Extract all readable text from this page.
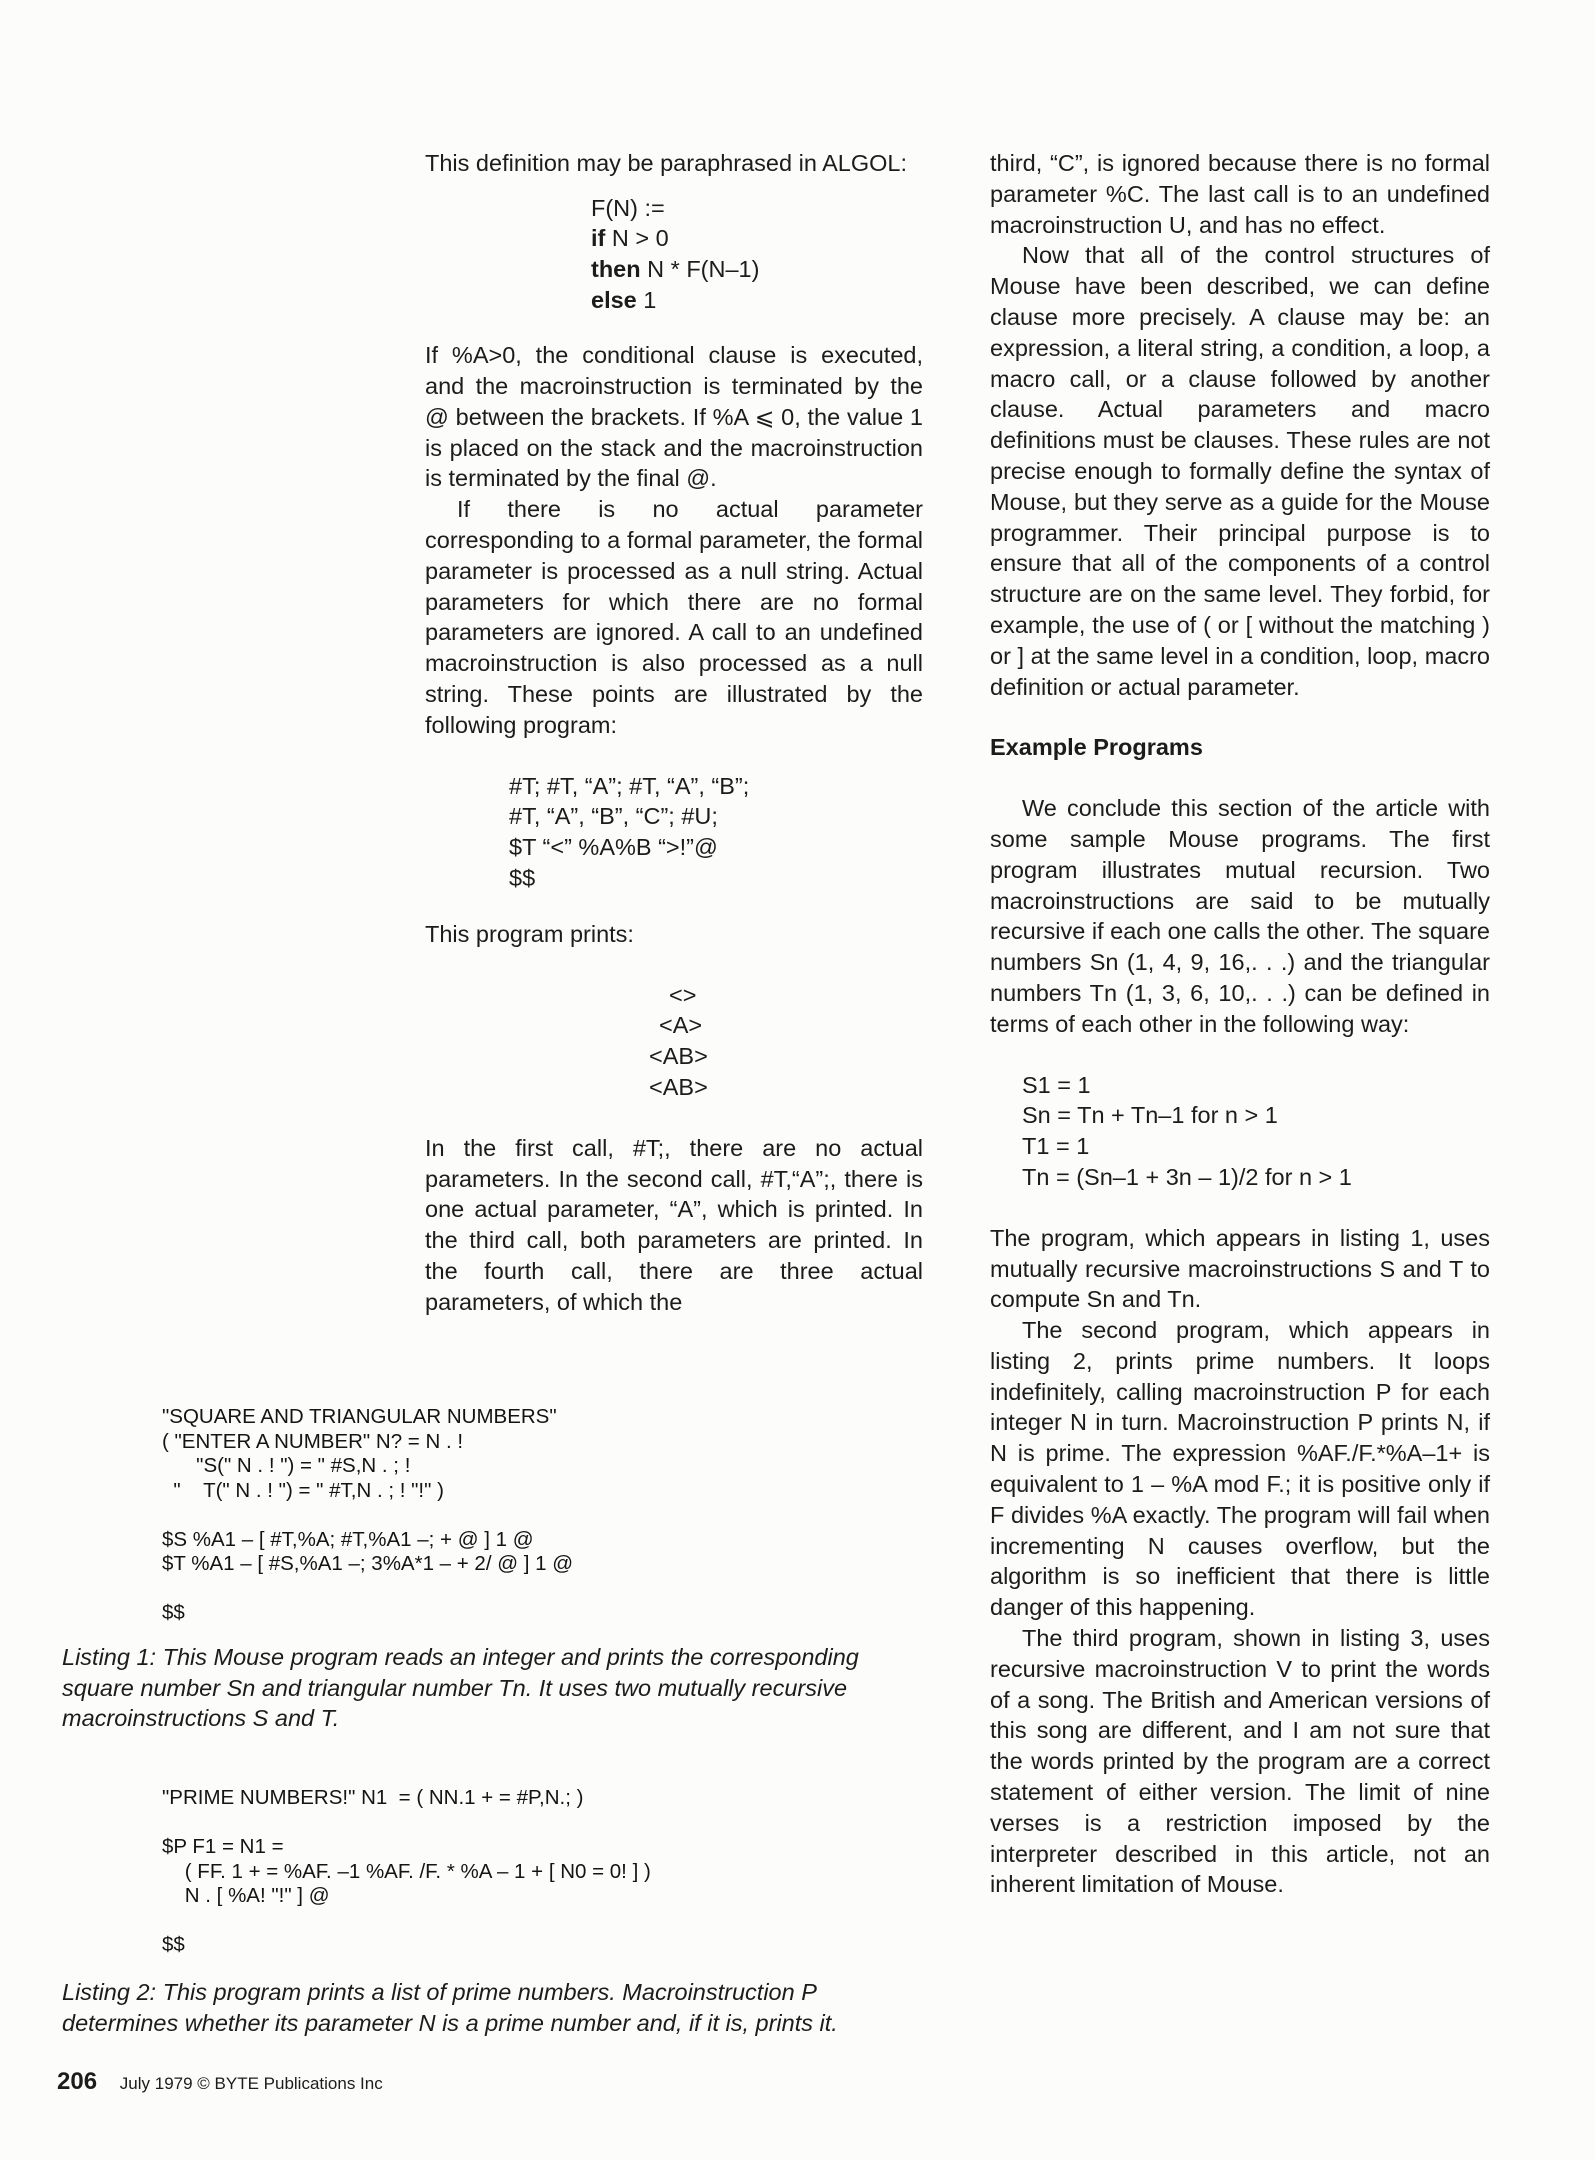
This definition may be paraphrased in ALGOL:

F(N) :=
if N > 0
then N * F(N–1)
else 1

If %A>0, the conditional clause is executed, and the macroinstruction is terminated by the @ between the brackets. If %A ⩽ 0, the value 1 is placed on the stack and the macroinstruction is terminated by the final @.

If there is no actual parameter corresponding to a formal parameter, the formal parameter is processed as a null string. Actual parameters for which there are no formal parameters are ignored. A call to an undefined macroinstruction is also processed as a null string. These points are illustrated by the following program:

#T; #T, “A”; #T, “A”, “B”;
#T, “A”, “B”, “C”; #U;
$T “<” %A%B “>!”@
$$

This program prints:

<>
<A>
<AB>
<AB>

In the first call, #T;, there are no actual parameters. In the second call, #T,“A”;, there is one actual parameter, “A”, which is printed. In the third call, both parameters are printed. In the fourth call, there are three actual parameters, of which the

third, “C”, is ignored because there is no formal parameter %C. The last call is to an undefined macroinstruction U, and has no effect.

Now that all of the control structures of Mouse have been described, we can define clause more precisely. A clause may be: an expression, a literal string, a condition, a loop, a macro call, or a clause followed by another clause. Actual parameters and macro definitions must be clauses. These rules are not precise enough to formally define the syntax of Mouse, but they serve as a guide for the Mouse programmer. Their principal purpose is to ensure that all of the components of a control structure are on the same level. They forbid, for example, the use of ( or [ without the matching ) or ] at the same level in a condition, loop, macro definition or actual parameter.

Example Programs

We conclude this section of the article with some sample Mouse programs. The first program illustrates mutual recursion. Two macroinstructions are said to be mutually recursive if each one calls the other. The square numbers Sn (1, 4, 9, 16,. . .) and the triangular numbers Tn (1, 3, 6, 10,. . .) can be defined in terms of each other in the following way:

S1 = 1
Sn = Tn + Tn–1 for n > 1
T1 = 1
Tn = (Sn–1 + 3n – 1)/2 for n > 1

The program, which appears in listing 1, uses mutually recursive macroinstructions S and T to compute Sn and Tn.

The second program, which appears in listing 2, prints prime numbers. It loops indefinitely, calling macroinstruction P for each integer N in turn. Macroinstruction P prints N, if N is prime. The expression %AF./F.*%A–1+ is equivalent to 1 – %A mod F.; it is positive only if F divides %A exactly. The program will fail when incrementing N causes overflow, but the algorithm is so inefficient that there is little danger of this happening.

The third program, shown in listing 3, uses recursive macroinstruction V to print the words of a song. The British and American versions of this song are different, and I am not sure that the words printed by the program are a correct statement of either version. The limit of nine verses is a restriction imposed by the interpreter described in this article, not an inherent limitation of Mouse.

"SQUARE AND TRIANGULAR NUMBERS"
( "ENTER A NUMBER" N? = N . !
"S(" N . ! ") = " #S,N . ; !
"    T(" N . ! ") = " #T,N . ; ! "!" )

$S %A1 – [ #T,%A; #T,%A1 –; + @ ] 1 @
$T %A1 – [ #S,%A1 –; 3%A*1 – + 2/ @ ] 1 @

$$
Listing 1: This Mouse program reads an integer and prints the corresponding square number Sn and triangular number Tn. It uses two mutually recursive macroinstructions S and T.
"PRIME NUMBERS!" N1  = ( NN.1 + = #P,N.; )

$P F1 = N1 =
( FF. 1 + = %AF. –1 %AF. /F. * %A – 1 + [ N0 = 0! ] )
N . [ %A! "!" ] @

$$
Listing 2: This program prints a list of prime numbers. Macroinstruction P determines whether its parameter N is a prime number and, if it is, prints it.
206 July 1979 © BYTE Publications Inc
